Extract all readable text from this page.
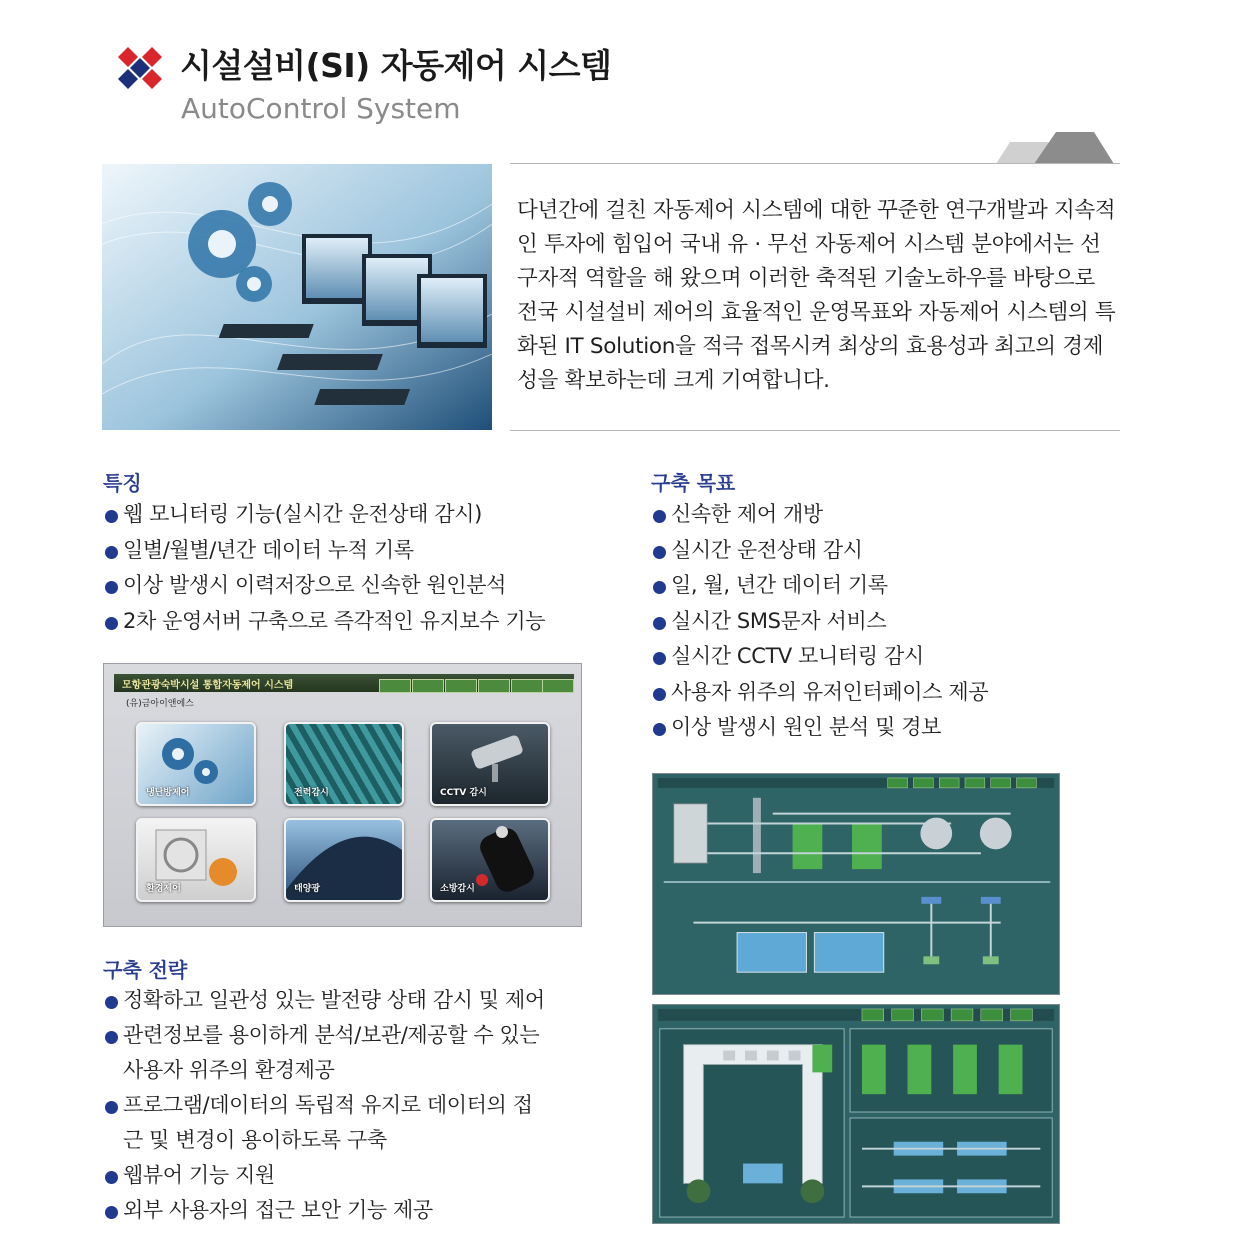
시설설비(SI) 자동제어 시스템
AutoControl System
다년간에 걸친 자동제어 시스템에 대한 꾸준한 연구개발과 지속적인 투자에 힘입어 국내 유 · 무선 자동제어 시스템 분야에서는 선구자적 역할을 해 왔으며 이러한 축적된 기술노하우를 바탕으로 전국 시설설비 제어의 효율적인 운영목표와 자동제어 시스템의 특화된 IT Solution을 적극 접목시켜 최상의 효용성과 최고의 경제성을 확보하는데 크게 기여합니다.
특징
웹 모니터링 기능(실시간 운전상태 감시)
일별/월별/년간 데이터 누적 기록
이상 발생시 이력저장으로 신속한 원인분석
2차 운영서버 구축으로 즉각적인 유지보수 기능
구축 목표
신속한 제어 개방
실시간 운전상태 감시
일, 월, 년간 데이터 기록
실시간 SMS문자 서비스
실시간 CCTV 모니터링 감시
사용자 위주의 유저인터페이스 제공
이상 발생시 원인 분석 및 경보
모항관광숙박시설 통합자동제어 시스템
(유)금아이앤에스
냉난방제어	전력감시	CCTV 감시
환경제어	태양광	소방감시
구축 전략
정확하고 일관성 있는 발전량 상태 감시 및 제어
관련정보를 용이하게 분석/보관/제공할 수 있는 사용자 위주의 환경제공
프로그램/데이터의 독립적 유지로 데이터의 접근 및 변경이 용이하도록 구축
웹뷰어 기능 지원
외부 사용자의 접근 보안 기능 제공
